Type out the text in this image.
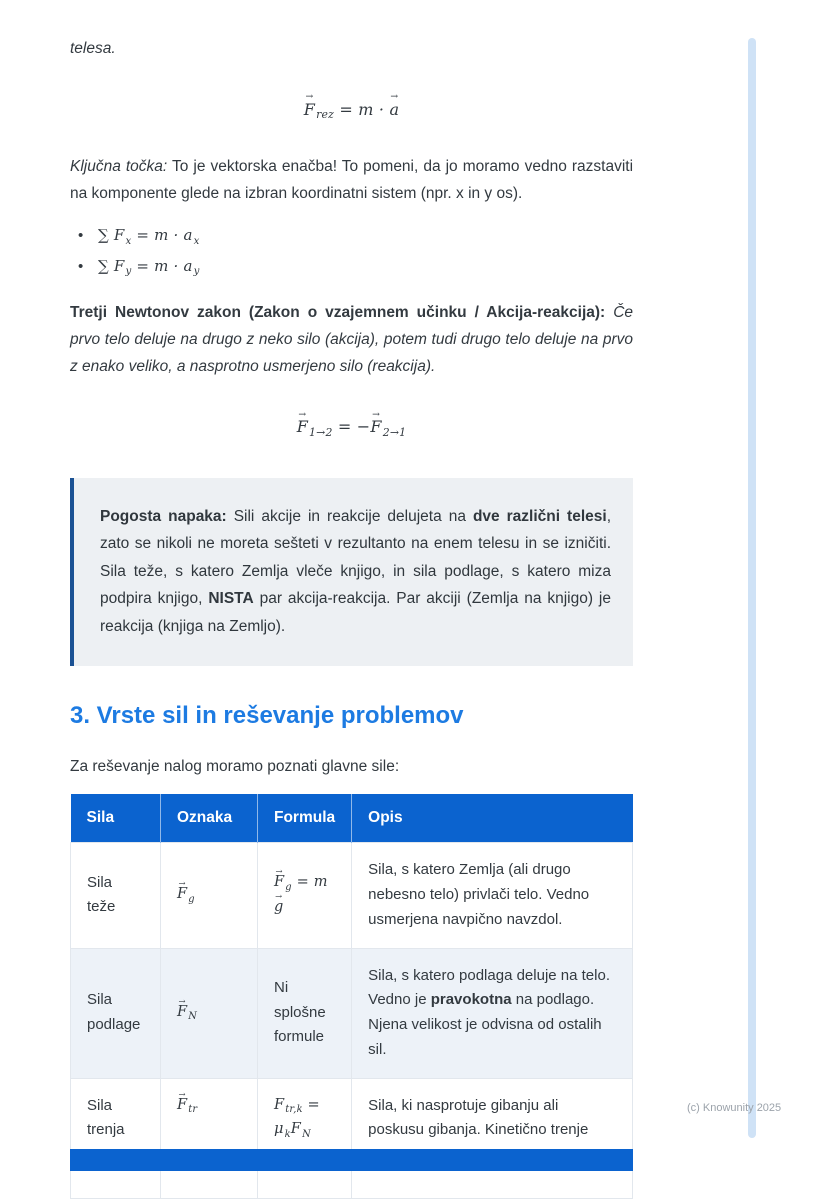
telesa.

$F \to_{rez} = m \cdot a$ →

Ključna točka: To je vektorska enačba! To pomeni, da jo moramo vedno razstaviti na komponente glede na izbran koordinatni sistem (npr. x in y os).

• ∑ $F_x = m \cdot a_x$
• ∑ $F_y = m \cdot a_y$

Tretji Newtonov zakon (Zakon o vzajemnem učinku / Akcija-reakcija): Če prvo telo deluje na drugo z neko silo (akcija), potem tudi drugo telo deluje na prvo z enako veliko, a nasprotno usmerjeno silo (reakcija).

$F \to_{1\to 2} = -F \to_{2\to 1}$

Pogosta napaka: Sili akcije in reakcije delujeta na dve različni telesi, zato se nikoli ne moreta sešteti v rezultanto na enem telesu in se izničiti. Sila teže, s katero Zemlja vleče knjigo, in sila podlage, s katero miza podpira knjigo, NISTA par akcija-reakcija. Par akciji (Zemlja na knjigo) je reakcija (knjiga na Zemljo).

3. Vrste sil in reševanje problemov

Za reševanje nalog moramo poznati glavne sile:

Sila	Oznaka	Formula	Opis
Sila teže	$F \to_g$	$F \to_g$ = mg →	Sila, s katero Zemlja (ali drugo nebesno telo) privlači telo. Vedno usmerjena navpično navzdol.
Sila podlage	$F \to_N$	Ni splošne formule	Sila, s katero podlaga deluje na telo. Vedno je pravokotna na podlago. Njena velikost je odvisna od ostalih sil.
Sila trenja	$F \to_{tr}$	$F_{tr,k} = \mu_kF_N$	Sila, ki nasprotuje gibanju ali poskusu gibanja. Kinetično trenje
(c) Knowunity 2025
